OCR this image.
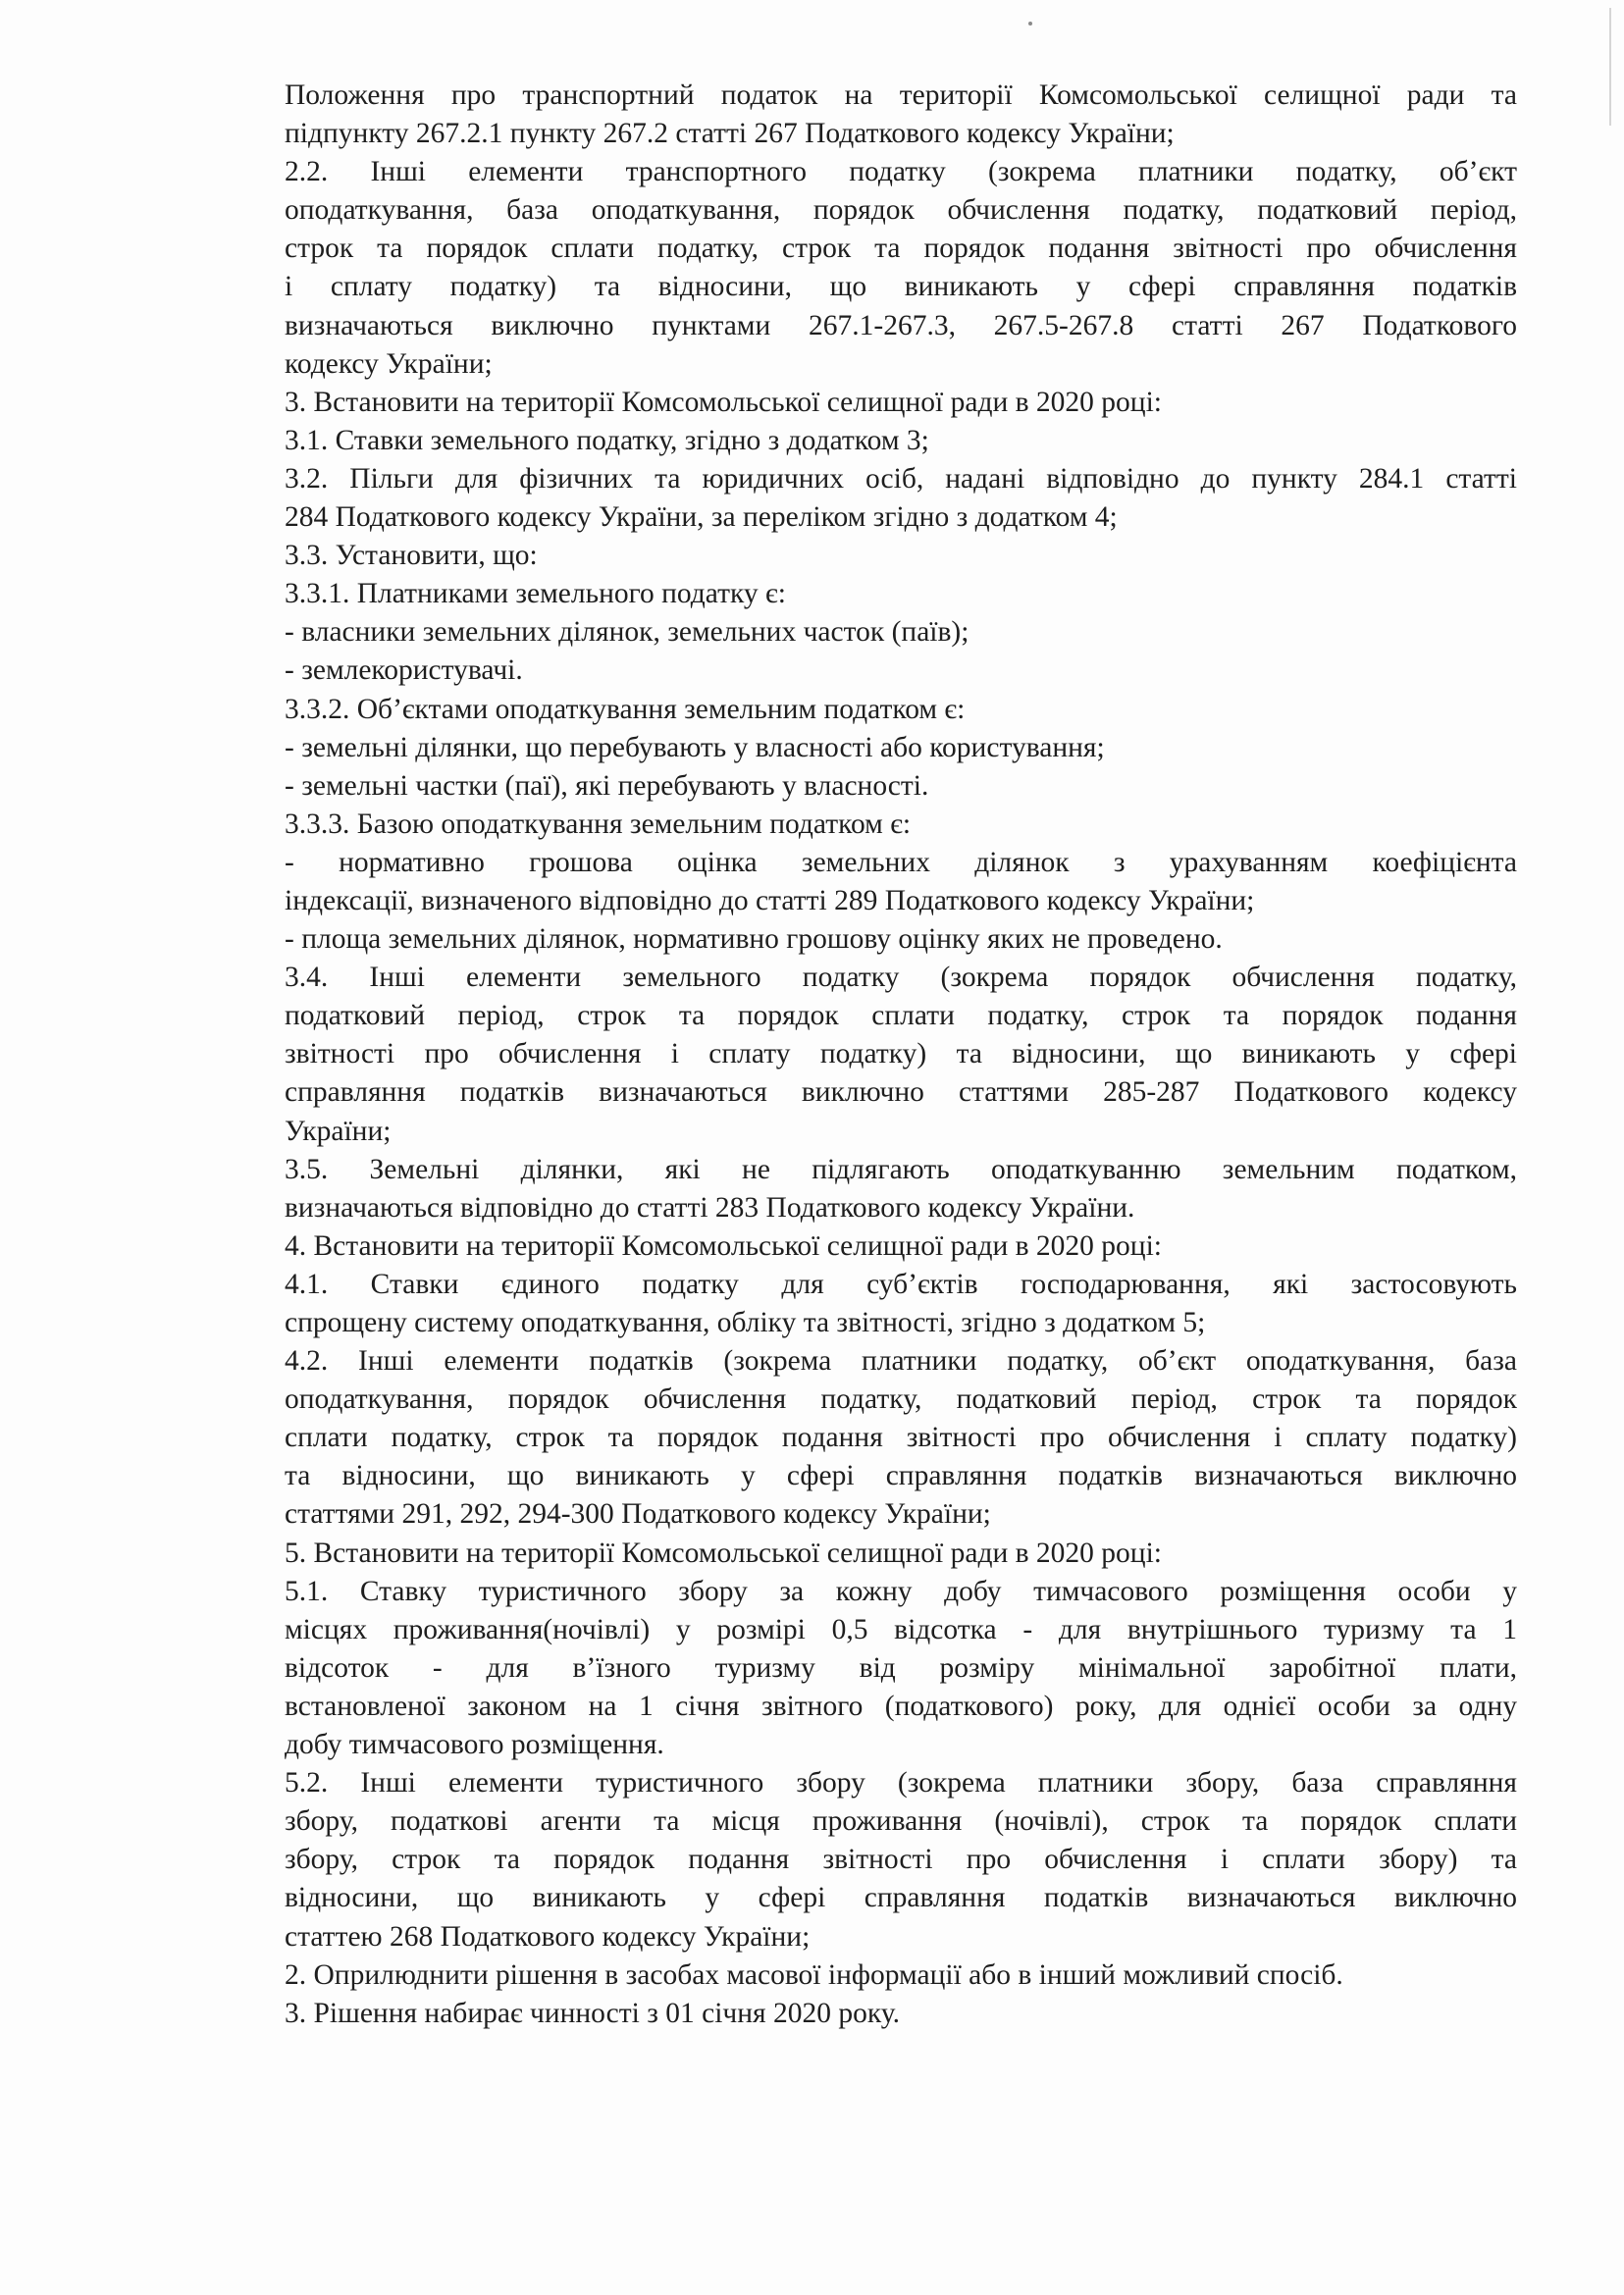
Положення про транспортний податок на території Комсомольської селищної ради та
підпункту 267.2.1 пункту 267.2 статті 267 Податкового кодексу України;
2.2. Інші елементи транспортного податку (зокрема платники податку, об’єкт
оподаткування, база оподаткування, порядок обчислення податку, податковий період,
строк та порядок сплати податку, строк та порядок подання звітності про обчислення
і сплату податку) та відносини, що виникають у сфері справляння податків
визначаються виключно пунктами 267.1-267.3, 267.5-267.8 статті 267 Податкового
кодексу України;
3. Встановити на території Комсомольської селищної ради в 2020 році:
3.1. Ставки земельного податку, згідно з додатком 3;
3.2. Пільги для фізичних та юридичних осіб, надані відповідно до пункту 284.1 статті
284 Податкового кодексу України, за переліком згідно з додатком 4;
3.3. Установити, що:
3.3.1. Платниками земельного податку є:
- власники земельних ділянок, земельних часток (паїв);
- землекористувачі.
3.3.2. Об’єктами оподаткування земельним податком є:
- земельні ділянки, що перебувають у власності або користування;
- земельні частки (паї), які перебувають у власності.
3.3.3. Базою оподаткування земельним податком є:
- нормативно грошова оцінка земельних ділянок з урахуванням коефіцієнта
індексації, визначеного відповідно до статті 289 Податкового кодексу України;
- площа земельних ділянок, нормативно грошову оцінку яких не проведено.
3.4. Інші елементи земельного податку (зокрема порядок обчислення податку,
податковий період, строк та порядок сплати податку, строк та порядок подання
звітності про обчислення і сплату податку) та відносини, що виникають у сфері
справляння податків визначаються виключно статтями 285-287 Податкового кодексу
України;
3.5. Земельні ділянки, які не підлягають оподаткуванню земельним податком,
визначаються відповідно до статті 283 Податкового кодексу України.
4. Встановити на території Комсомольської селищної ради в 2020 році:
4.1. Ставки єдиного податку для суб’єктів господарювання, які застосовують
спрощену систему оподаткування, обліку та звітності, згідно з додатком 5;
4.2. Інші елементи податків (зокрема платники податку, об’єкт оподаткування, база
оподаткування, порядок обчислення податку, податковий період, строк та порядок
сплати податку, строк та порядок подання звітності про обчислення і сплату податку)
та відносини, що виникають у сфері справляння податків визначаються виключно
статтями 291, 292, 294-300 Податкового кодексу України;
5. Встановити на території Комсомольської селищної ради в 2020 році:
5.1. Ставку туристичного збору за кожну добу тимчасового розміщення особи у
місцях проживання(ночівлі) у розмірі 0,5 відсотка - для внутрішнього туризму та 1
відсоток - для в’їзного туризму від розміру мінімальної заробітної плати,
встановленої законом на 1 січня звітного (податкового) року, для однієї особи за одну
добу тимчасового розміщення.
5.2. Інші елементи туристичного збору (зокрема платники збору, база справляння
збору, податкові агенти та місця проживання (ночівлі), строк та порядок сплати
збору, строк та порядок подання звітності про обчислення і сплати збору) та
відносини, що виникають у сфері справляння податків визначаються виключно
статтею 268 Податкового кодексу України;
2. Оприлюднити рішення в засобах масової інформації або в інший можливий спосіб.
3. Рішення набирає чинності з 01 січня 2020 року.
